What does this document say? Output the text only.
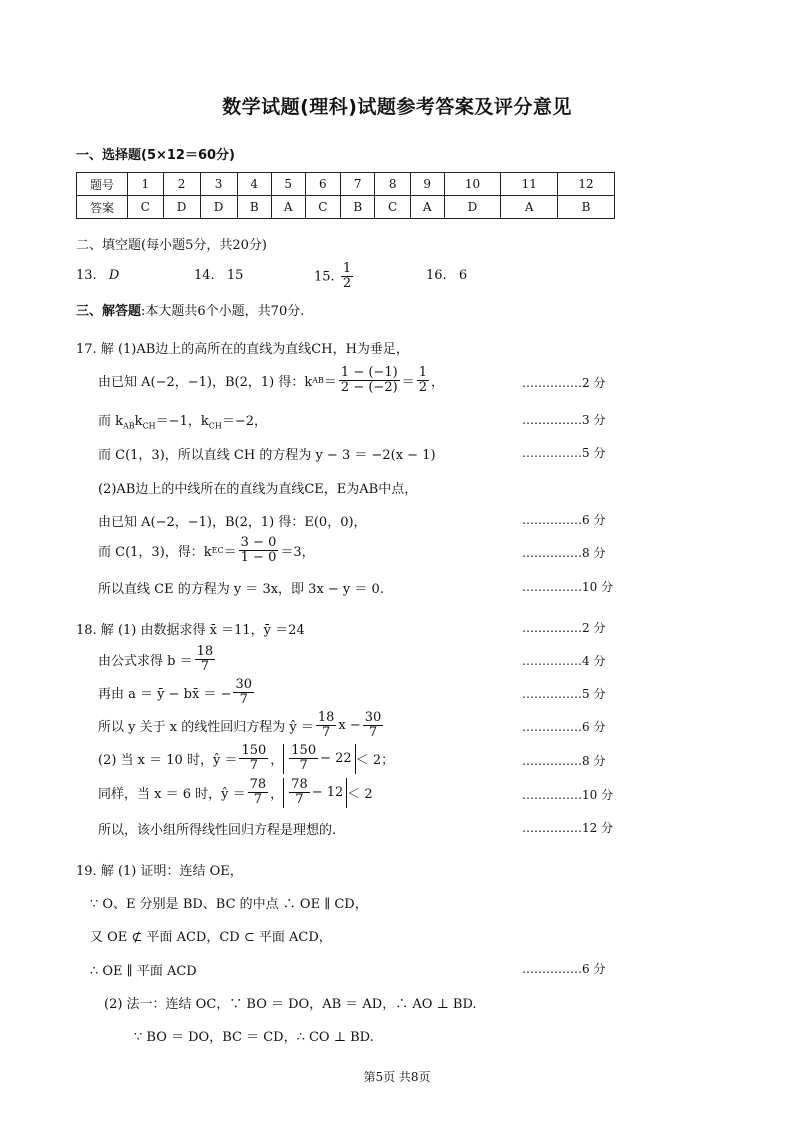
数学试题(理科)试题参考答案及评分意见
一、选择题(5×12＝60分)
题号	1	2	3	4	5	6	7	8	9	10	11	12
答案	C	D	D	B	A	C	B	C	A	D	A	B
二、填空题(每小题5分，共20分)
13. D	14. 15	15. $\frac{1}{2}$	16. 6
三、解答题:本大题共6个小题，共70分.
17. 解 (1)AB边上的高所在的直线为直线CH，H为垂足，
由已知 A(−2，−1)，B(2，1) 得：k AB ＝ $\frac{1 - (-1)}{2 - (-2)} = \frac{1}{2}$ ，	……………2 分
而 $k_{AB}k_{CH}=-1$，$k_{CH}=-2$，	……………3 分
而 C(1，3)，所以直线 CH 的方程为 y − 3 ＝ −2(x − 1)	……………5 分
(2)AB边上的中线所在的直线为直线CE，E为AB中点，
由已知 A(−2，−1)，B(2，1) 得：E(0，0)，	……………6 分
而 C(1，3)，得：k EC ＝ $\frac{3 - 0}{1 - 0} =3$，	……………8 分
所以直线 CE 的方程为 y ＝ 3x，即 3x − y ＝ 0.	……………10 分
18. 解 (1) 由数据求得 x̄ ＝11，ȳ ＝24	……………2 分
由公式求得 $b = \frac{18}{7}$	……………4 分
再由 a ＝ ȳ − bx̄ ＝ − $\frac{30}{7}$	……………5 分
所以 y 关于 x 的线性回归方程为 ŷ ＝ $\frac{18}{7}$ $x - \frac{30}{7}$	……………6 分
(2) 当 x ＝ 10 时，ŷ ＝ $\frac{150}{7}$ ， $\frac{150}{7} - 22 < 2$；	……………8 分
同样，当 x ＝ 6 时，ŷ ＝ $\frac{78}{7}$ ， $\frac{78}{7} - 12 < 2$	……………10 分
所以，该小组所得线性回归方程是理想的.	……………12 分
19. 解 (1) 证明：连结 OE，
∵ O、E 分别是 BD、BC 的中点 ∴ OE ∥ CD，
又 OE ⊄ 平面 ACD，CD ⊂ 平面 ACD，
∴ OE ∥ 平面 ACD	……………6 分
(2) 法一：连结 OC，∵ BO ＝ DO，AB ＝ AD，∴ AO ⊥ BD.
∵ BO ＝ DO，BC ＝ CD，∴ CO ⊥ BD.
第5页 共8页
